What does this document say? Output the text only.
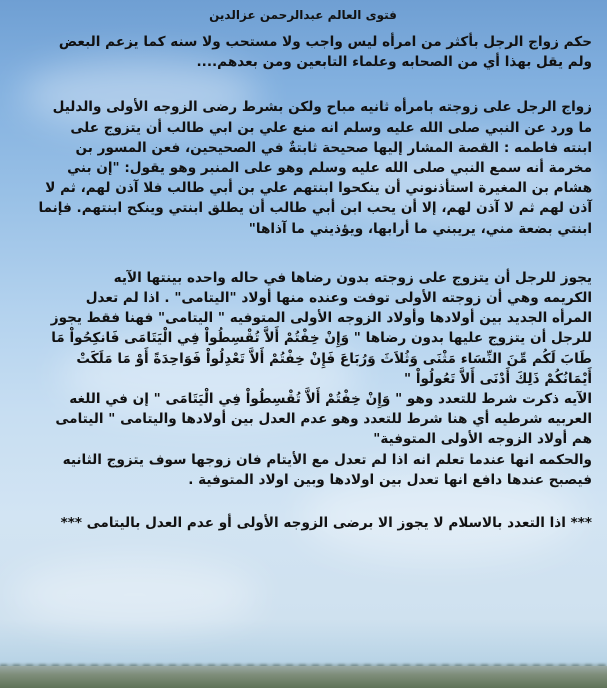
فتوى العالم عبدالرحمن عزالدين

حكم زواج الرجل بأكثر من امرأه ليس واجب ولا مستحب ولا سنه كما يزعم البعض
ولم يقل بهذا أي من الصحابه وعلماء التابعين ومن بعدهم....

زواج الرجل على زوجته بامرأه ثانيه مباح ولكن بشرط رضى الزوجه الأولى والدليل
ما ورد عن النبي صلى الله عليه وسلم انه منع علي بن ابي طالب أن يتزوج على
ابنته فاطمه : القصة المشار إليها صحيحة ثابتةٌ في الصحيحين، فعن المسور بن
مخرمة أنه سمع النبي صلى الله عليه وسلم وهو على المنبر وهو يقول: "إن بني
هشام بن المغيرة استأذنوني أن ينكحوا ابنتهم علي بن أبي طالب فلا آذن لهم، ثم لا
آذن لهم ثم لا آذن لهم، إلا أن يحب ابن أبي طالب أن يطلق ابنتي وينكح ابنتهم. فإنما
ابنتي بضعة مني، يريبني ما أرابها، ويؤذيني ما آذاها"

يجوز للرجل أن يتزوج على زوجته بدون رضاها في حاله واحده بينتها الآيه
الكريمه وهي أن زوجته الأولى توفت وعنده منها أولاد "اليتامى" . اذا لم تعدل
المرأه الجديد بين أولادها وأولاد الزوجه الأولى المتوفيه " اليتامى" فهنا فقط يجوز
للرجل أن يتزوج عليها بدون رضاها " وَإِنْ خِفْتُمْ أَلاَّ تُقْسِطُواْ فِي الْيَتَامَى فَانكِحُواْ مَا
طَابَ لَكُم مِّنَ النِّسَاء مَثْنَى وَثُلاَثَ وَرُبَاعَ فَإِنْ خِفْتُمْ أَلاَّ تَعْدِلُواْ فَوَاحِدَةً أَوْ مَا مَلَكَتْ
أَيْمَانُكُمْ ذَلِكَ أَدْنَى أَلاَّ تَعُولُواْ "
الآيه ذكرت شرط للتعدد وهو " وَإِنْ خِفْتُمْ أَلاَّ تُقْسِطُواْ فِي الْيَتَامَى " إن في اللغه
العربيه شرطيه أي هنا شرط للتعدد وهو عدم العدل بين أولادها واليتامى " اليتامى
هم أولاد الزوجه الأولى المتوفية"
والحكمه انها عندما تعلم انه اذا لم تعدل مع الأيتام فان زوجها سوف يتزوج الثانيه
فيصبح عندها دافع انها تعدل بين اولادها وبين اولاد المتوفية .

*** اذا التعدد بالاسلام لا يجوز الا برضى الزوجه الأولى أو عدم العدل باليتامى ***
